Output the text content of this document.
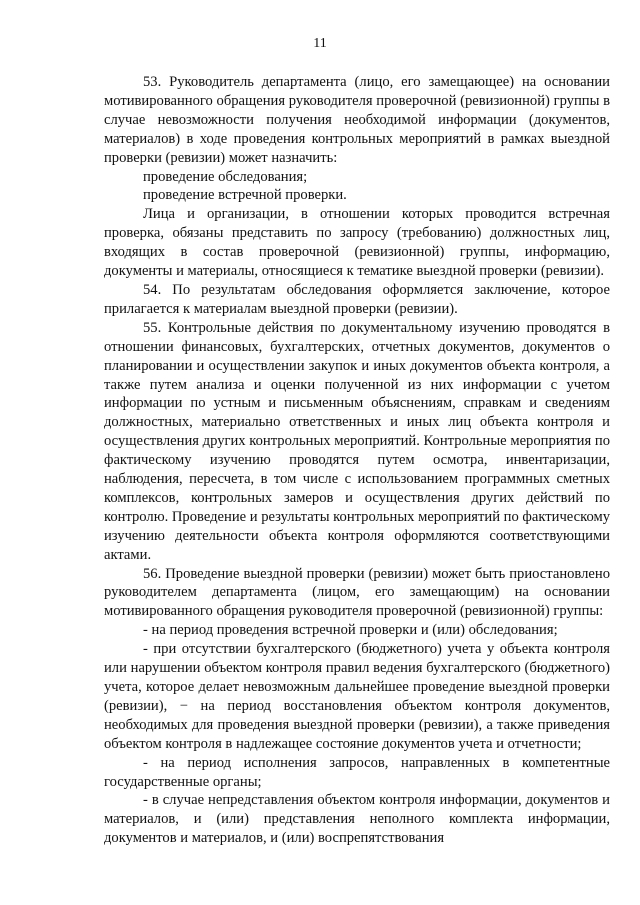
11

53. Руководитель департамента (лицо, его замещающее) на основании мотивированного обращения руководителя проверочной (ревизионной) группы в случае невозможности получения необходимой информации (документов, материалов) в ходе проведения контрольных мероприятий в рамках выездной проверки (ревизии) может назначить:

проведение обследования;

проведение встречной проверки.

Лица и организации, в отношении которых проводится встречная проверка, обязаны представить по запросу (требованию) должностных лиц, входящих в состав проверочной (ревизионной) группы, информацию, документы и материалы, относящиеся к тематике выездной проверки (ревизии).

54. По результатам обследования оформляется заключение, которое прилагается к материалам выездной проверки (ревизии).

55. Контрольные действия по документальному изучению проводятся в отношении финансовых, бухгалтерских, отчетных документов, документов о планировании и осуществлении закупок и иных документов объекта контроля, а также путем анализа и оценки полученной из них информации с учетом информации по устным и письменным объяснениям, справкам и сведениям должностных, материально ответственных и иных лиц объекта контроля и осуществления других контрольных мероприятий. Контрольные мероприятия по фактическому изучению проводятся путем осмотра, инвентаризации, наблюдения, пересчета, в том числе с использованием программных сметных комплексов, контрольных замеров и осуществления других действий по контролю. Проведение и результаты контрольных мероприятий по фактическому изучению деятельности объекта контроля оформляются соответствующими актами.

56. Проведение выездной проверки (ревизии) может быть приостановлено руководителем департамента (лицом, его замещающим) на основании мотивированного обращения руководителя проверочной (ревизионной) группы:

- на период проведения встречной проверки и (или) обследования;

- при отсутствии бухгалтерского (бюджетного) учета у объекта контроля или нарушении объектом контроля правил ведения бухгалтерского (бюджетного) учета, которое делает невозможным дальнейшее проведение выездной проверки (ревизии), − на период восстановления объектом контроля документов, необходимых для проведения выездной проверки (ревизии), а также приведения объектом контроля в надлежащее состояние документов учета и отчетности;

- на период исполнения запросов, направленных в компетентные государственные органы;

- в случае непредставления объектом контроля информации, документов и материалов, и (или) представления неполного комплекта информации, документов и материалов, и (или) воспрепятствования
